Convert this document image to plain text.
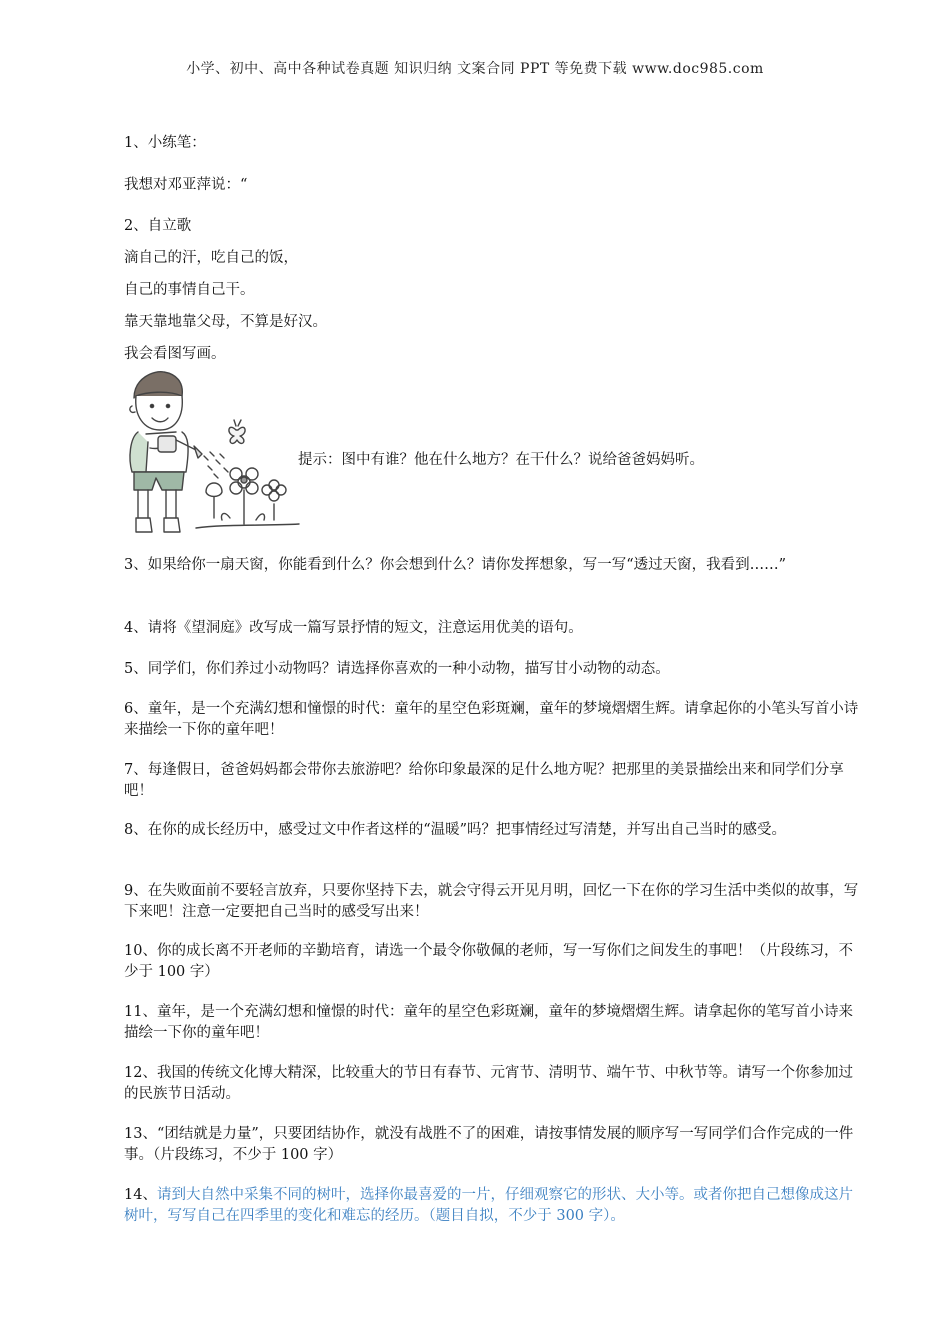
小学、初中、高中各种试卷真题 知识归纳 文案合同 PPT 等免费下载 www.doc985.com
1、小练笔：
我想对邓亚萍说：“
2、自立歌
滴自己的汗，吃自己的饭，
自己的事情自己干。
靠天靠地靠父母，不算是好汉。
我会看图写画。
提示：图中有谁？他在什么地方？在干什么？说给爸爸妈妈听。
3、如果给你一扇天窗，你能看到什么？你会想到什么？请你发挥想象，写一写“透过天窗，我看到……”
4、请将《望洞庭》改写成一篇写景抒情的短文，注意运用优美的语句。
5、同学们，你们养过小动物吗？请选择你喜欢的一种小动物，描写甘小动物的动态。
6、童年，是一个充满幻想和憧憬的时代：童年的星空色彩斑斓，童年的梦境熠熠生辉。请拿起你的小笔头写首小诗来描绘一下你的童年吧！
7、每逢假日，爸爸妈妈都会带你去旅游吧？给你印象最深的足什么地方呢？把那里的美景描绘出来和同学们分享吧！
8、在你的成长经历中，感受过文中作者这样的“温暖”吗？把事情经过写清楚，并写出自己当时的感受。
9、在失败面前不要轻言放弃，只要你坚持下去，就会守得云开见月明，回忆一下在你的学习生活中类似的故事，写下来吧！注意一定要把自己当时的感受写出来！
10、你的成长离不开老师的辛勤培育，请选一个最令你敬佩的老师，写一写你们之间发生的事吧！（片段练习，不少于 100 字）
11、童年，是一个充满幻想和憧憬的时代：童年的星空色彩斑斓，童年的梦境熠熠生辉。请拿起你的笔写首小诗来描绘一下你的童年吧！
12、我国的传统文化博大精深，比较重大的节日有春节、元宵节、清明节、端午节、中秋节等。请写一个你参加过的民族节日活动。
13、“团结就是力量”，只要团结协作，就没有战胜不了的困难，请按事情发展的顺序写一写同学们合作完成的一件事。（片段练习，不少于 100 字）
14、请到大自然中采集不同的树叶，选择你最喜爱的一片，仔细观察它的形状、大小等。或者你把自己想像成这片树叶，写写自己在四季里的变化和难忘的经历。（题目自拟，不少于 300 字）。
